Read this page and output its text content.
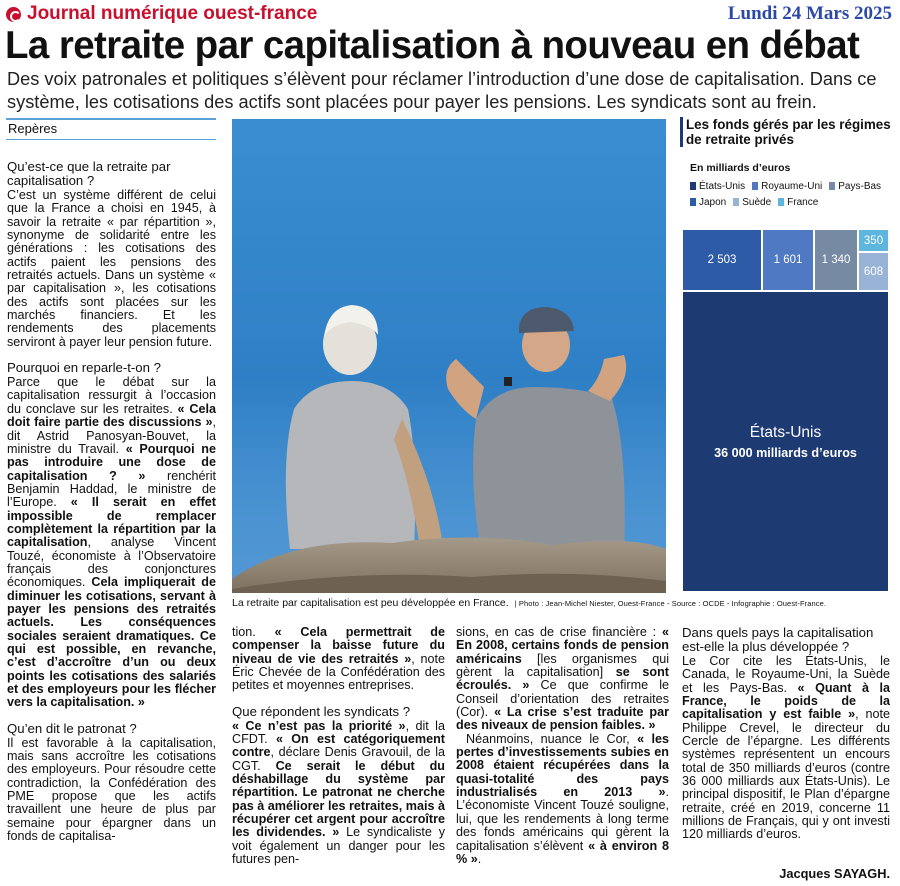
Journal numérique ouest-france	Lundi 24 Mars 2025
La retraite par capitalisation à nouveau en débat

Des voix patronales et politiques s’élèvent pour réclamer l’introduction d’une dose de capitalisation. Dans ce système, les cotisations des actifs sont placées pour payer les pensions. Les syndicats sont au frein.

Repères

Qu’est-ce que la retraite par capitalisation ?

C’est un système différent de celui que la France a choisi en 1945, à savoir la retraite « par répartition », synonyme de solidarité entre les générations : les cotisations des actifs paient les pensions des retraités actuels. Dans un système « par capitalisation », les cotisations des actifs sont placées sur les marchés financiers. Et les rendements des placements serviront à payer leur pension future.

Pourquoi en reparle-t-on ?

Parce que le débat sur la capitalisation ressurgit à l’occasion du conclave sur les retraites. « Cela doit faire partie des discussions », dit Astrid Panosyan-Bouvet, la ministre du Travail. « Pourquoi ne pas introduire une dose de capitalisation ? » renchérit Benjamin Haddad, le ministre de l’Europe. « Il serait en effet impossible de remplacer complètement la répartition par la capitalisation, analyse Vincent Touzé, économiste à l’Observatoire français des conjonctures économiques. Cela impliquerait de diminuer les cotisations, servant à payer les pensions des retraités actuels. Les conséquences sociales seraient dramatiques. Ce qui est possible, en revanche, c’est d’accroître d’un ou deux points les cotisations des salariés et des employeurs pour les flécher vers la capitalisation. »

Qu’en dit le patronat ?

Il est favorable à la capitalisation, mais sans accroître les cotisations des employeurs. Pour résoudre cette contradiction, la Confédération des PME propose que les actifs travaillent une heure de plus par semaine pour épargner dans un fonds de capitalisa-

La retraite par capitalisation est peu développée en France. | Photo : Jean-Michel Niester, Ouest-France - Source : OCDE - Infographie : Ouest-France.
Les fonds gérés par les régimes de retraite privés
En milliards d’euros
États-Unis Royaume-Uni Pays-Bas
Japon Suède France
2 503	1 601 1 340
350
608
États-Unis
36 000 milliards d’euros

tion. « Cela permettrait de compenser la baisse future du niveau de vie des retraités », note Éric Chevée de la Confédération des petites et moyennes entreprises.

Que répondent les syndicats ?

« Ce n’est pas la priorité », dit la CFDT. « On est catégoriquement contre, déclare Denis Gravouil, de la CGT. Ce serait le début du déshabillage du système par répartition. Le patronat ne cherche pas à améliorer les retraites, mais à récupérer cet argent pour accroître les dividendes. » Le syndicaliste y voit également un danger pour les futures pen-

sions, en cas de crise financière : « En 2008, certains fonds de pension américains [les organismes qui gèrent la capitalisation] se sont écroulés. » Ce que confirme le Conseil d’orientation des retraites (Cor). « La crise s’est traduite par des niveaux de pension faibles. »

Néanmoins, nuance le Cor, « les pertes d’investissements subies en 2008 étaient récupérées dans la quasi-totalité des pays industrialisés en 2013 ». L’économiste Vincent Touzé souligne, lui, que les rendements à long terme des fonds américains qui gèrent la capitalisation s’élèvent « à environ 8 % ».

Dans quels pays la capitalisation est-elle la plus développée ?

Le Cor cite les États-Unis, le Canada, le Royaume-Uni, la Suède et les Pays-Bas. « Quant à la France, le poids de la capitalisation y est faible », note Philippe Crevel, le directeur du Cercle de l’épargne. Les différents systèmes représentent un encours total de 350 milliards d’euros (contre 36 000 milliards aux États-Unis). Le principal dispositif, le Plan d’épargne retraite, créé en 2019, concerne 11 millions de Français, qui y ont investi 120 milliards d’euros.

Jacques SAYAGH.
